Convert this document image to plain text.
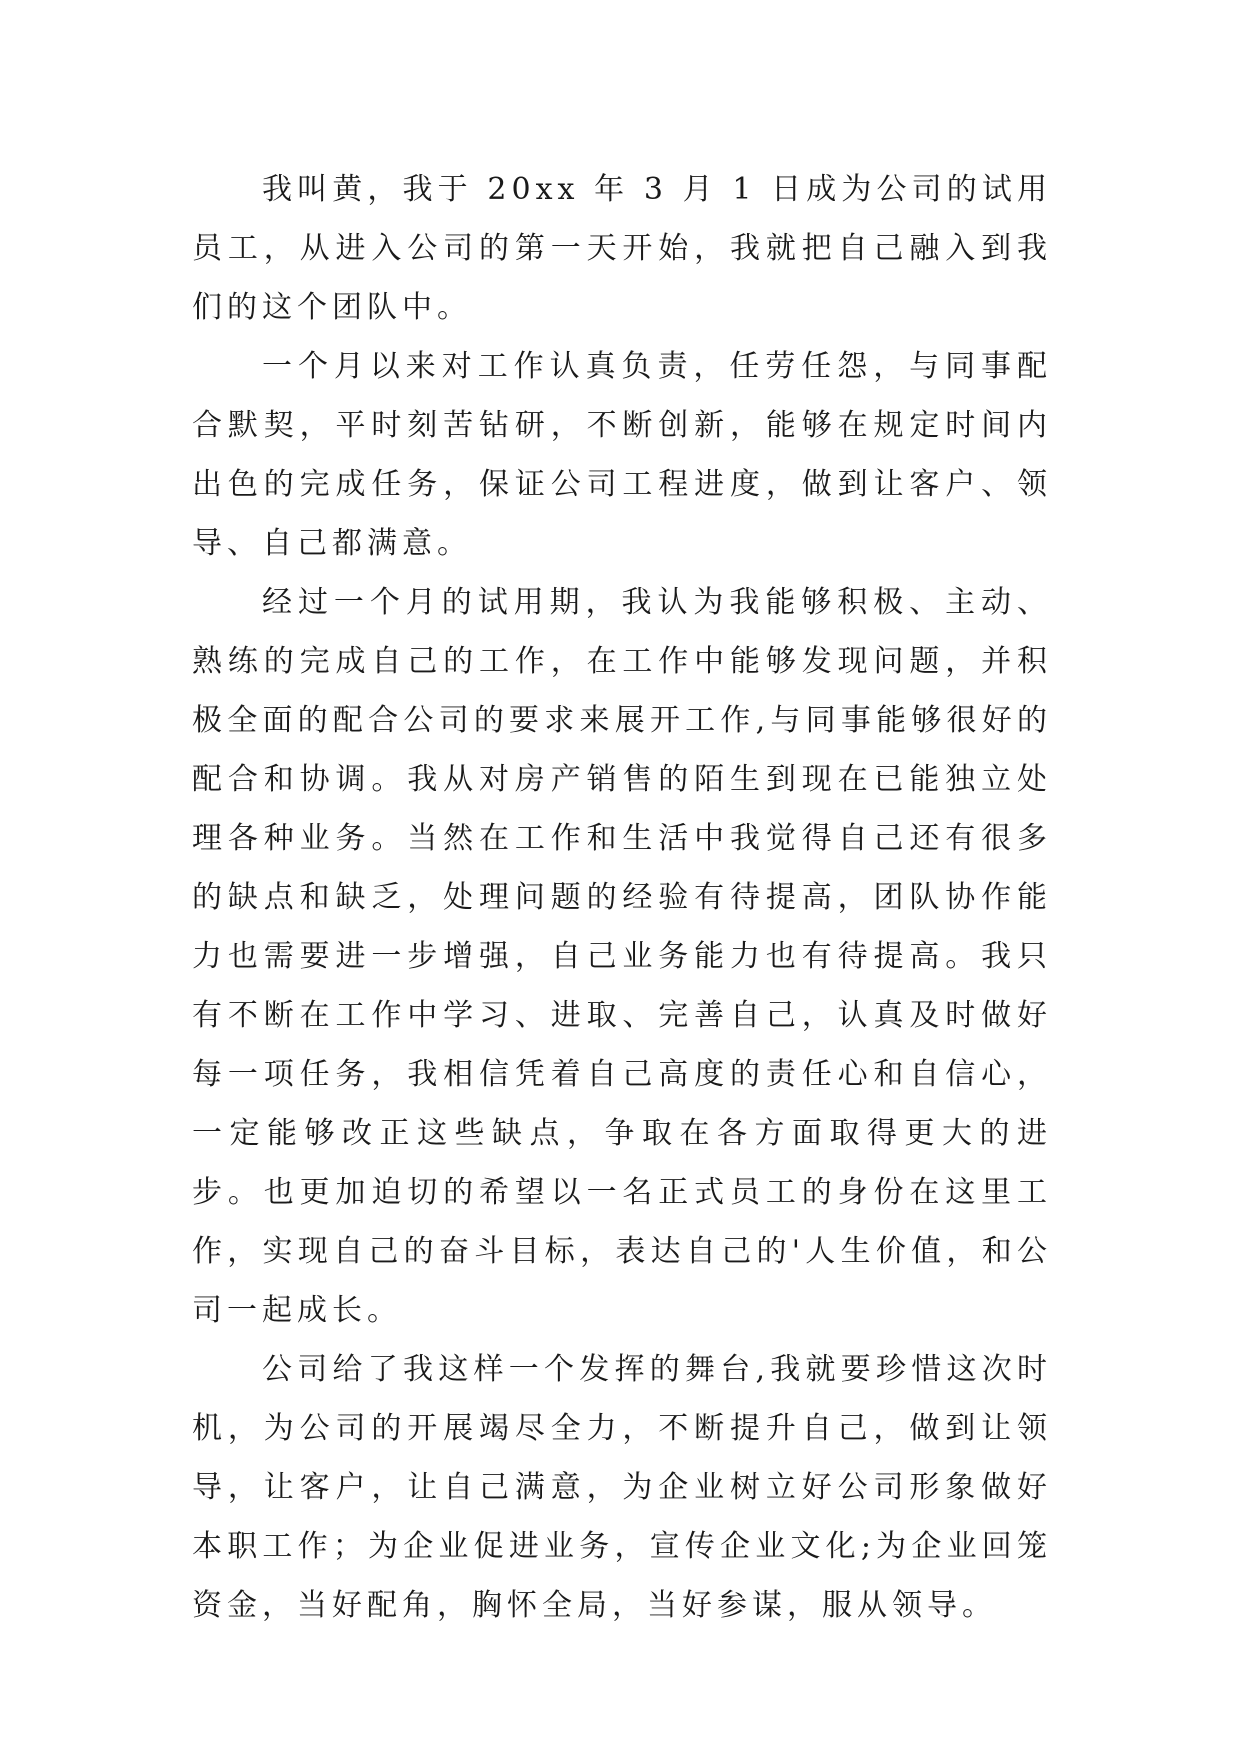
我叫黄，我于 20xx 年 3 月 1 日成为公司的试用员工，从进入公司的第一天开始，我就把自己融入到我们的这个团队中。

一个月以来对工作认真负责，任劳任怨，与同事配合默契，平时刻苦钻研，不断创新，能够在规定时间内出色的完成任务，保证公司工程进度，做到让客户、领导、自己都满意。

经过一个月的试用期，我认为我能够积极、主动、熟练的完成自己的工作，在工作中能够发现问题，并积极全面的配合公司的要求来展开工作,与同事能够很好的配合和协调。我从对房产销售的陌生到现在已能独立处理各种业务。当然在工作和生活中我觉得自己还有很多的缺点和缺乏，处理问题的经验有待提高，团队协作能力也需要进一步增强，自己业务能力也有待提高。我只有不断在工作中学习、进取、完善自己，认真及时做好每一项任务，我相信凭着自己高度的责任心和自信心，一定能够改正这些缺点，争取在各方面取得更大的进步。也更加迫切的希望以一名正式员工的身份在这里工作，实现自己的奋斗目标，表达自己的'人生价值，和公司一起成长。

公司给了我这样一个发挥的舞台,我就要珍惜这次时机，为公司的开展竭尽全力，不断提升自己，做到让领导，让客户，让自己满意，为企业树立好公司形象做好本职工作；为企业促进业务，宣传企业文化;为企业回笼资金，当好配角，胸怀全局，当好参谋，服从领导。
